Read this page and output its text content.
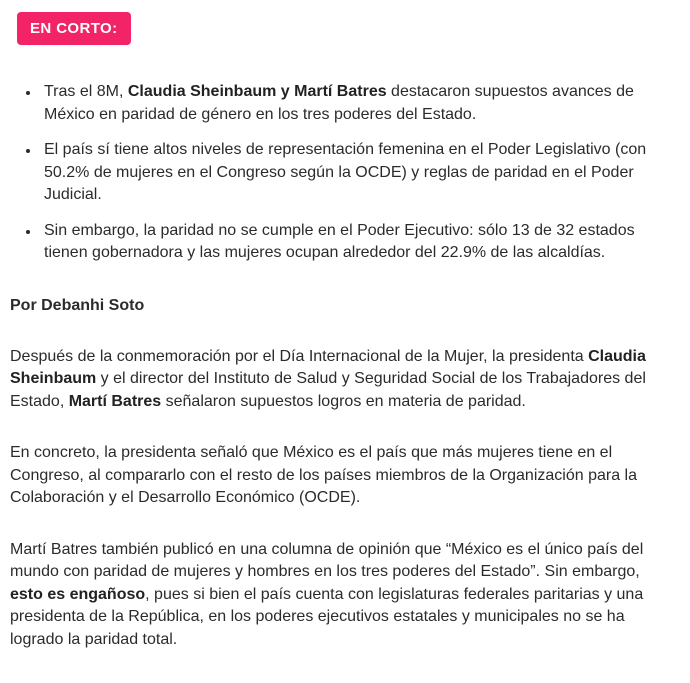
EN CORTO:
• Tras el 8M, Claudia Sheinbaum y Martí Batres destacaron supuestos avances de México en paridad de género en los tres poderes del Estado.
• El país sí tiene altos niveles de representación femenina en el Poder Legislativo (con 50.2% de mujeres en el Congreso según la OCDE) y reglas de paridad en el Poder Judicial.
• Sin embargo, la paridad no se cumple en el Poder Ejecutivo: sólo 13 de 32 estados tienen gobernadora y las mujeres ocupan alrededor del 22.9% de las alcaldías.

Por Debanhi Soto

Después de la conmemoración por el Día Internacional de la Mujer, la presidenta Claudia Sheinbaum y el director del Instituto de Salud y Seguridad Social de los Trabajadores del Estado, Martí Batres señalaron supuestos logros en materia de paridad.

En concreto, la presidenta señaló que México es el país que más mujeres tiene en el Congreso, al compararlo con el resto de los países miembros de la Organización para la Colaboración y el Desarrollo Económico (OCDE).

Martí Batres también publicó en una columna de opinión que “México es el único país del mundo con paridad de mujeres y hombres en los tres poderes del Estado”. Sin embargo, esto es engañoso, pues si bien el país cuenta con legislaturas federales paritarias y una presidenta de la República, en los poderes ejecutivos estatales y municipales no se ha logrado la paridad total.
